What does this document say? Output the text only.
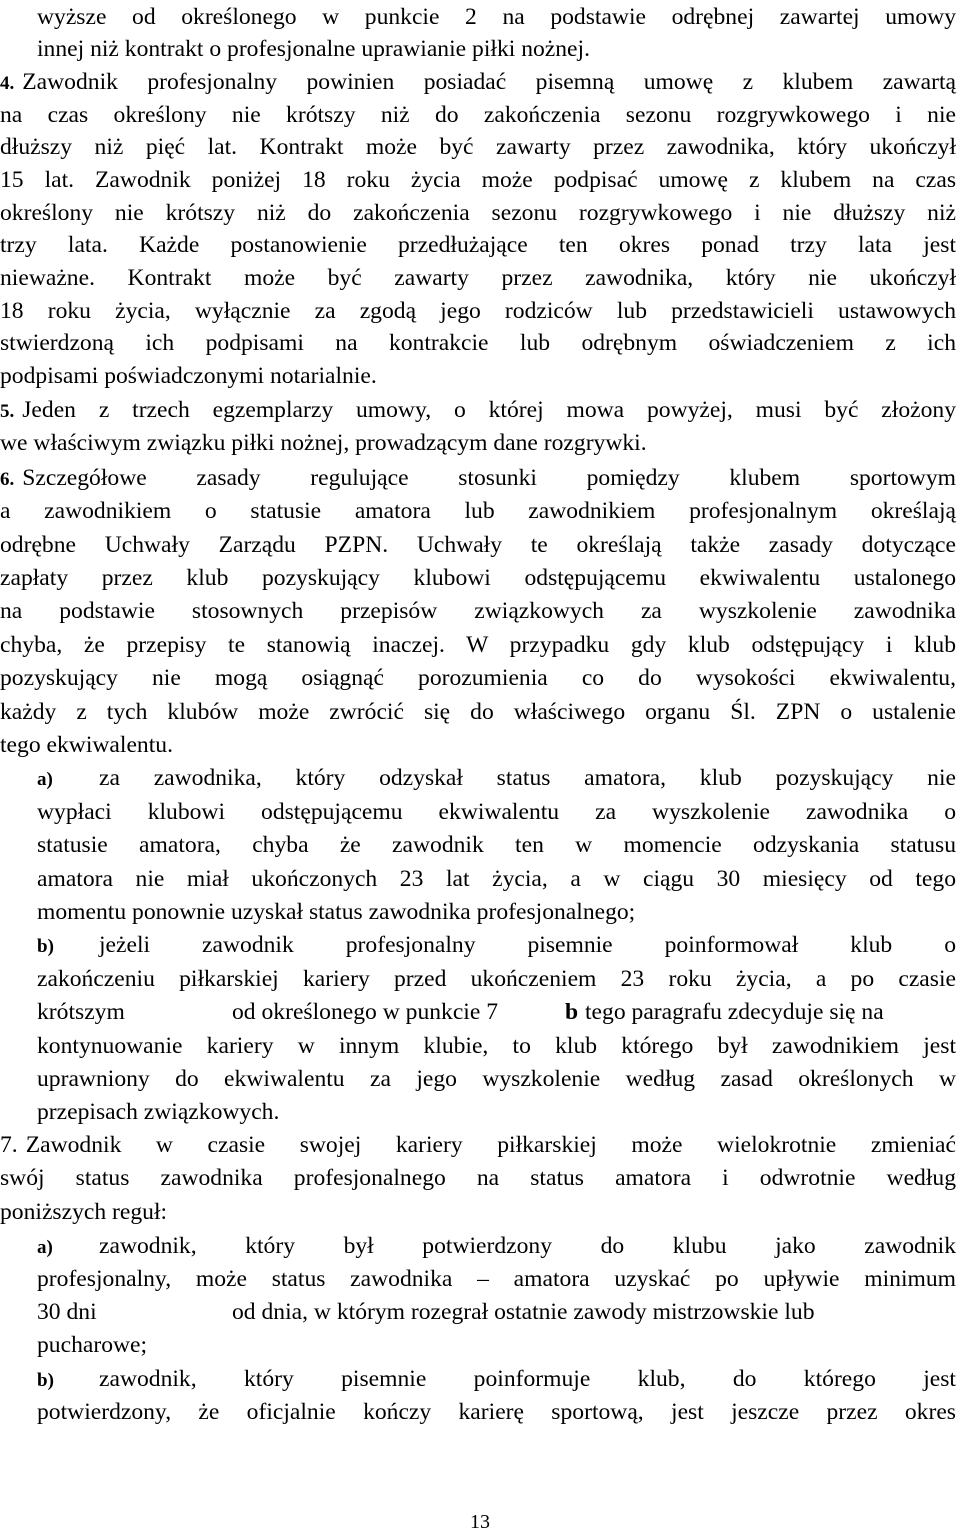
wyższe od określonego w punkcie 2 na podstawie odrębnej zawartej umowy
innej niż kontrakt o profesjonalne uprawianie piłki nożnej.
4. Zawodnik profesjonalny powinien posiadać pisemną umowę z klubem zawartą
na czas określony nie krótszy niż do zakończenia sezonu rozgrywkowego i nie
dłuższy niż pięć lat. Kontrakt może być zawarty przez zawodnika, który ukończył
15 lat. Zawodnik poniżej 18 roku życia może podpisać umowę z klubem na czas
określony nie krótszy niż do zakończenia sezonu rozgrywkowego i nie dłuższy niż
trzy lata. Każde postanowienie przedłużające ten okres ponad trzy lata jest
nieważne. Kontrakt może być zawarty przez zawodnika, który nie ukończył
18 roku życia, wyłącznie za zgodą jego rodziców lub przedstawicieli ustawowych
stwierdzoną ich podpisami na kontrakcie lub odrębnym oświadczeniem z ich
podpisami poświadczonymi notarialnie.
5. Jeden z trzech egzemplarzy umowy, o której mowa powyżej, musi być złożony
we właściwym związku piłki nożnej, prowadzącym dane rozgrywki.
6. Szczegółowe zasady regulujące stosunki pomiędzy klubem sportowym
a zawodnikiem o statusie amatora lub zawodnikiem profesjonalnym określają
odrębne Uchwały Zarządu PZPN. Uchwały te określają także zasady dotyczące
zapłaty przez klub pozyskujący klubowi odstępującemu ekwiwalentu ustalonego
na podstawie stosownych przepisów związkowych za wyszkolenie zawodnika
chyba, że przepisy te stanowią inaczej. W przypadku gdy klub odstępujący i klub
pozyskujący nie mogą osiągnąć porozumienia co do wysokości ekwiwalentu,
każdy z tych klubów może zwrócić się do właściwego organu Śl. ZPN o ustalenie
tego ekwiwalentu.
a) za zawodnika, który odzyskał status amatora, klub pozyskujący nie
wypłaci klubowi odstępującemu ekwiwalentu za wyszkolenie zawodnika o
statusie amatora, chyba że zawodnik ten w momencie odzyskania statusu
amatora nie miał ukończonych 23 lat życia, a w ciągu 30 miesięcy od tego
momentu ponownie uzyskał status zawodnika profesjonalnego;
b) jeżeli zawodnik profesjonalny pisemnie poinformował klub o
zakończeniu piłkarskiej kariery przed ukończeniem 23 roku życia, a po czasie
krótszym	od określonego w punkcie 7	b tego paragrafu zdecyduje się na
kontynuowanie kariery w innym klubie, to klub którego był zawodnikiem jest
uprawniony do ekwiwalentu za jego wyszkolenie według zasad określonych w
przepisach związkowych.
7. Zawodnik w czasie swojej kariery piłkarskiej może wielokrotnie zmieniać
swój status zawodnika profesjonalnego na status amatora i odwrotnie według
poniższych reguł:
a) zawodnik, który był potwierdzony do klubu jako zawodnik
profesjonalny, może status zawodnika – amatora uzyskać po upływie minimum
30 dni	od dnia, w którym rozegrał ostatnie zawody mistrzowskie lub
pucharowe;
b) zawodnik, który pisemnie poinformuje klub, do którego jest
potwierdzony, że oficjalnie kończy karierę sportową, jest jeszcze przez okres
13
